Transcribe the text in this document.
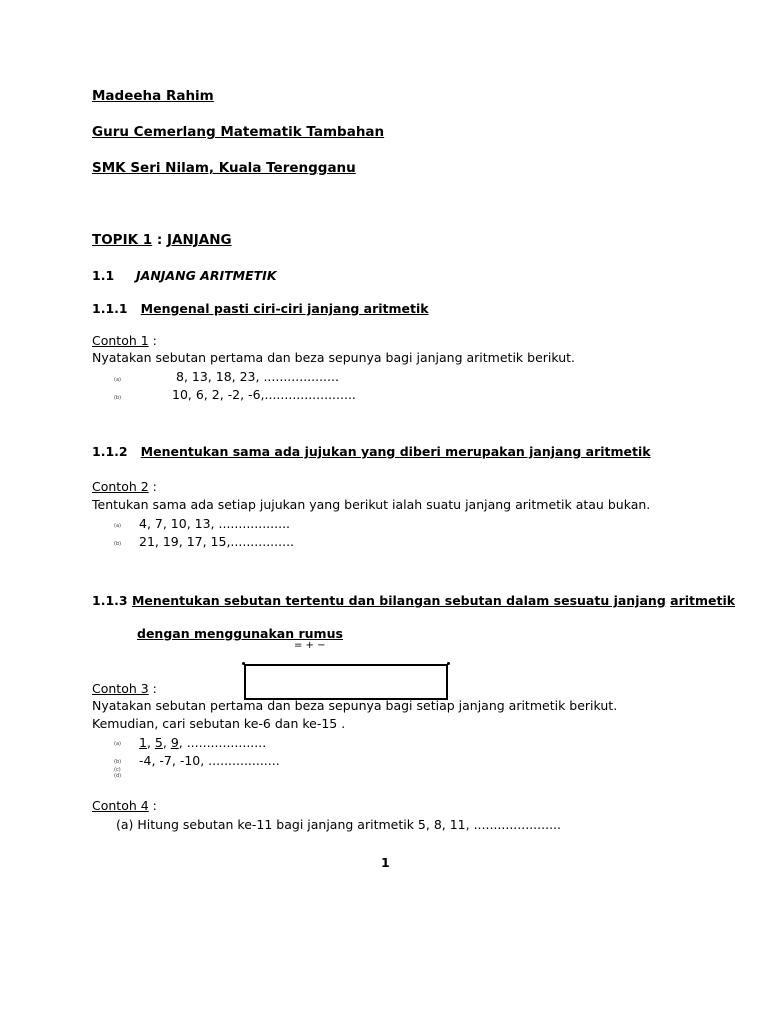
Madeeha Rahim
Guru Cemerlang Matematik Tambahan
SMK Seri Nilam, Kuala Terengganu
TOPIK 1 : JANJANG
1.1 JANJANG ARITMETIK
1.1.1 Mengenal pasti ciri-ciri janjang aritmetik
Contoh 1 :
Nyatakan sebutan pertama dan beza sepunya bagi janjang aritmetik berikut.
(a)	8, 13, 18, 23, ...................
(b)	10, 6, 2, -2, -6,.......................
1.1.2 Menentukan sama ada jujukan yang diberi merupakan janjang aritmetik
Contoh 2 :
Tentukan sama ada setiap jujukan yang berikut ialah suatu janjang aritmetik atau bukan.
(a) 4, 7, 10, 13, ..................
(b) 21, 19, 17, 15,................
1.1.3 Menentukan sebutan tertentu dan bilangan sebutan dalam sesuatu janjang aritmetik
dengan menggunakan rumus
= + −
Contoh 3 :
Nyatakan sebutan pertama dan beza sepunya bagi setiap janjang aritmetik berikut.
Kemudian, cari sebutan ke-6 dan ke-15 .
(a) 1, 5, 9, ....................
(b) -4, -7, -10, ..................
(c)
(d)
Contoh 4 :
(a) Hitung sebutan ke-11 bagi janjang aritmetik 5, 8, 11, ......................
1
